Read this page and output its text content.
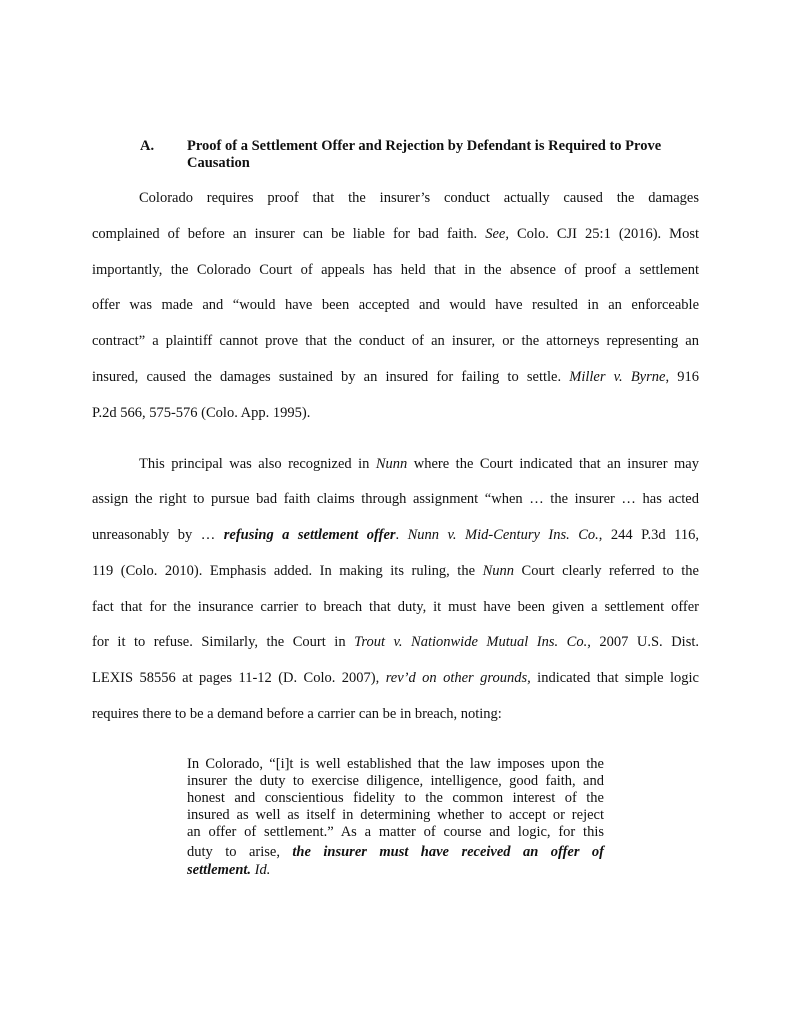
A. Proof of a Settlement Offer and Rejection by Defendant is Required to Prove
Causation
Colorado requires proof that the insurer’s conduct actually caused the damages
complained of before an insurer can be liable for bad faith. See, Colo. CJI 25:1 (2016). Most
importantly, the Colorado Court of appeals has held that in the absence of proof a settlement
offer was made and “would have been accepted and would have resulted in an enforceable
contract” a plaintiff cannot prove that the conduct of an insurer, or the attorneys representing an
insured, caused the damages sustained by an insured for failing to settle. Miller v. Byrne, 916
P.2d 566, 575-576 (Colo. App. 1995).
This principal was also recognized in Nunn where the Court indicated that an insurer may
assign the right to pursue bad faith claims through assignment “when … the insurer … has acted
unreasonably by … refusing a settlement offer. Nunn v. Mid-Century Ins. Co., 244 P.3d 116,
119 (Colo. 2010). Emphasis added. In making its ruling, the Nunn Court clearly referred to the
fact that for the insurance carrier to breach that duty, it must have been given a settlement offer
for it to refuse. Similarly, the Court in Trout v. Nationwide Mutual Ins. Co., 2007 U.S. Dist.
LEXIS 58556 at pages 11-12 (D. Colo. 2007), rev’d on other grounds, indicated that simple logic
requires there to be a demand before a carrier can be in breach, noting:
In Colorado, “[i]t is well established that the law imposes upon the
insurer the duty to exercise diligence, intelligence, good faith, and
honest and conscientious fidelity to the common interest of the
insured as well as itself in determining whether to accept or reject
an offer of settlement.” As a matter of course and logic, for this
duty to arise, the insurer must have received an offer of
settlement. Id.
